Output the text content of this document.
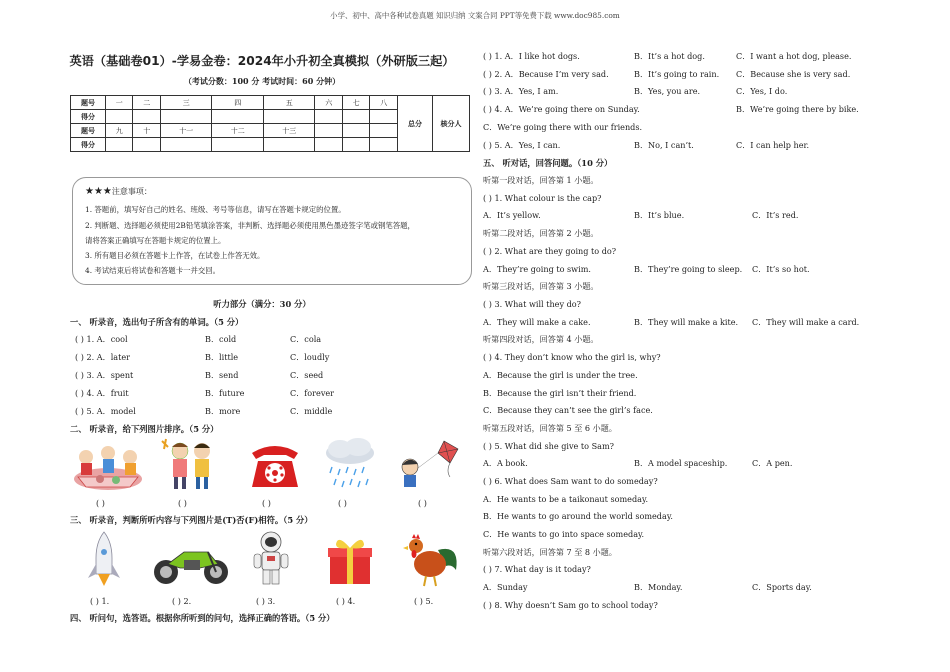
小学、初中、高中各种试卷真题 知识归纳 文案合同 PPT等免费下载 www.doc985.com
英语（基础卷01）-学易金卷：2024年小升初全真模拟（外研版三起）
（考试分数：100 分 考试时间：60 分钟）
题号	一	二	三	四	五	六	七	八	总分	核分人
得分										
题号	九	十	十一	十二	十三					
得分										
★★★注意事项：
1. 答题前，填写好自己的姓名、班级、考号等信息，请写在答题卡规定的位置。
2. 判断题、选择题必须使用2B铅笔填涂答案，非判断、选择题必须使用黑色墨迹签字笔或钢笔答题，
请将答案正确填写在答题卡规定的位置上。
3. 所有题目必须在答题卡上作答，在试卷上作答无效。
4. 考试结束后将试卷和答题卡一并交回。
听力部分（满分：30 分）
一、 听录音，选出句子所含有的单词。（5 分）
( ) 1. A．cool	B．cold	C．cola
( ) 2. A．later	B．little	C．loudly
( ) 3. A．spent	B．send	C．seed
( ) 4. A．fruit	B．future	C．forever
( ) 5. A．model	B．more	C．middle
二、 听录音，给下列图片排序。（5 分）
( )	( )	( )	( )	( )
三、 听录音，判断所听内容与下列图片是(T)否(F)相符。（5 分）
( ) 1.	( ) 2.	( ) 3.	( ) 4.	( ) 5.
四、 听问句，选答语。根据你所听到的问句，选择正确的答语。（5 分）
( ) 1. A．I like hot dogs.	B．It’s a hot dog.	C．I want a hot dog, please.
( ) 2. A．Because I’m very sad.	B．It’s going to rain. C．Because she is very sad.
( ) 3. A．Yes, I am.	B．Yes, you are.	C．Yes, I do.
( ) 4. A．We’re going there on Sunday.	B．We’re going there by bike.
C．We’re going there with our friends.
( ) 5. A．Yes, I can.	B．No, I can’t.	C．I can help her.
五、 听对话，回答问题。（10 分）
听第一段对话，回答第 1 小题。
( ) 1. What colour is the cap?
A．It’s yellow.	B．It’s blue.	C．It’s red.
听第二段对话，回答第 2 小题。
( ) 2. What are they going to do?
A．They’re going to swim.	B．They’re going to sleep. C．It’s so hot.
听第三段对话，回答第 3 小题。
( ) 3. What will they do?
A．They will make a cake.	B．They will make a kite. C．They will make a card.
听第四段对话，回答第 4 小题。
( ) 4. They don’t know who the girl is, why?
A．Because the girl is under the tree.
B．Because the girl isn’t their friend.
C．Because they can’t see the girl’s face.
听第五段对话，回答第 5 至 6 小题。
( ) 5. What did she give to Sam?
A．A book.	B．A model spaceship.	C．A pen.
( ) 6. What does Sam want to do someday?
A．He wants to be a taikonaut someday.
B．He wants to go around the world someday.
C．He wants to go into space someday.
听第六段对话，回答第 7 至 8 小题。
( ) 7. What day is it today?
A．Sunday	B．Monday.	C．Sports day.
( ) 8. Why doesn’t Sam go to school today?
